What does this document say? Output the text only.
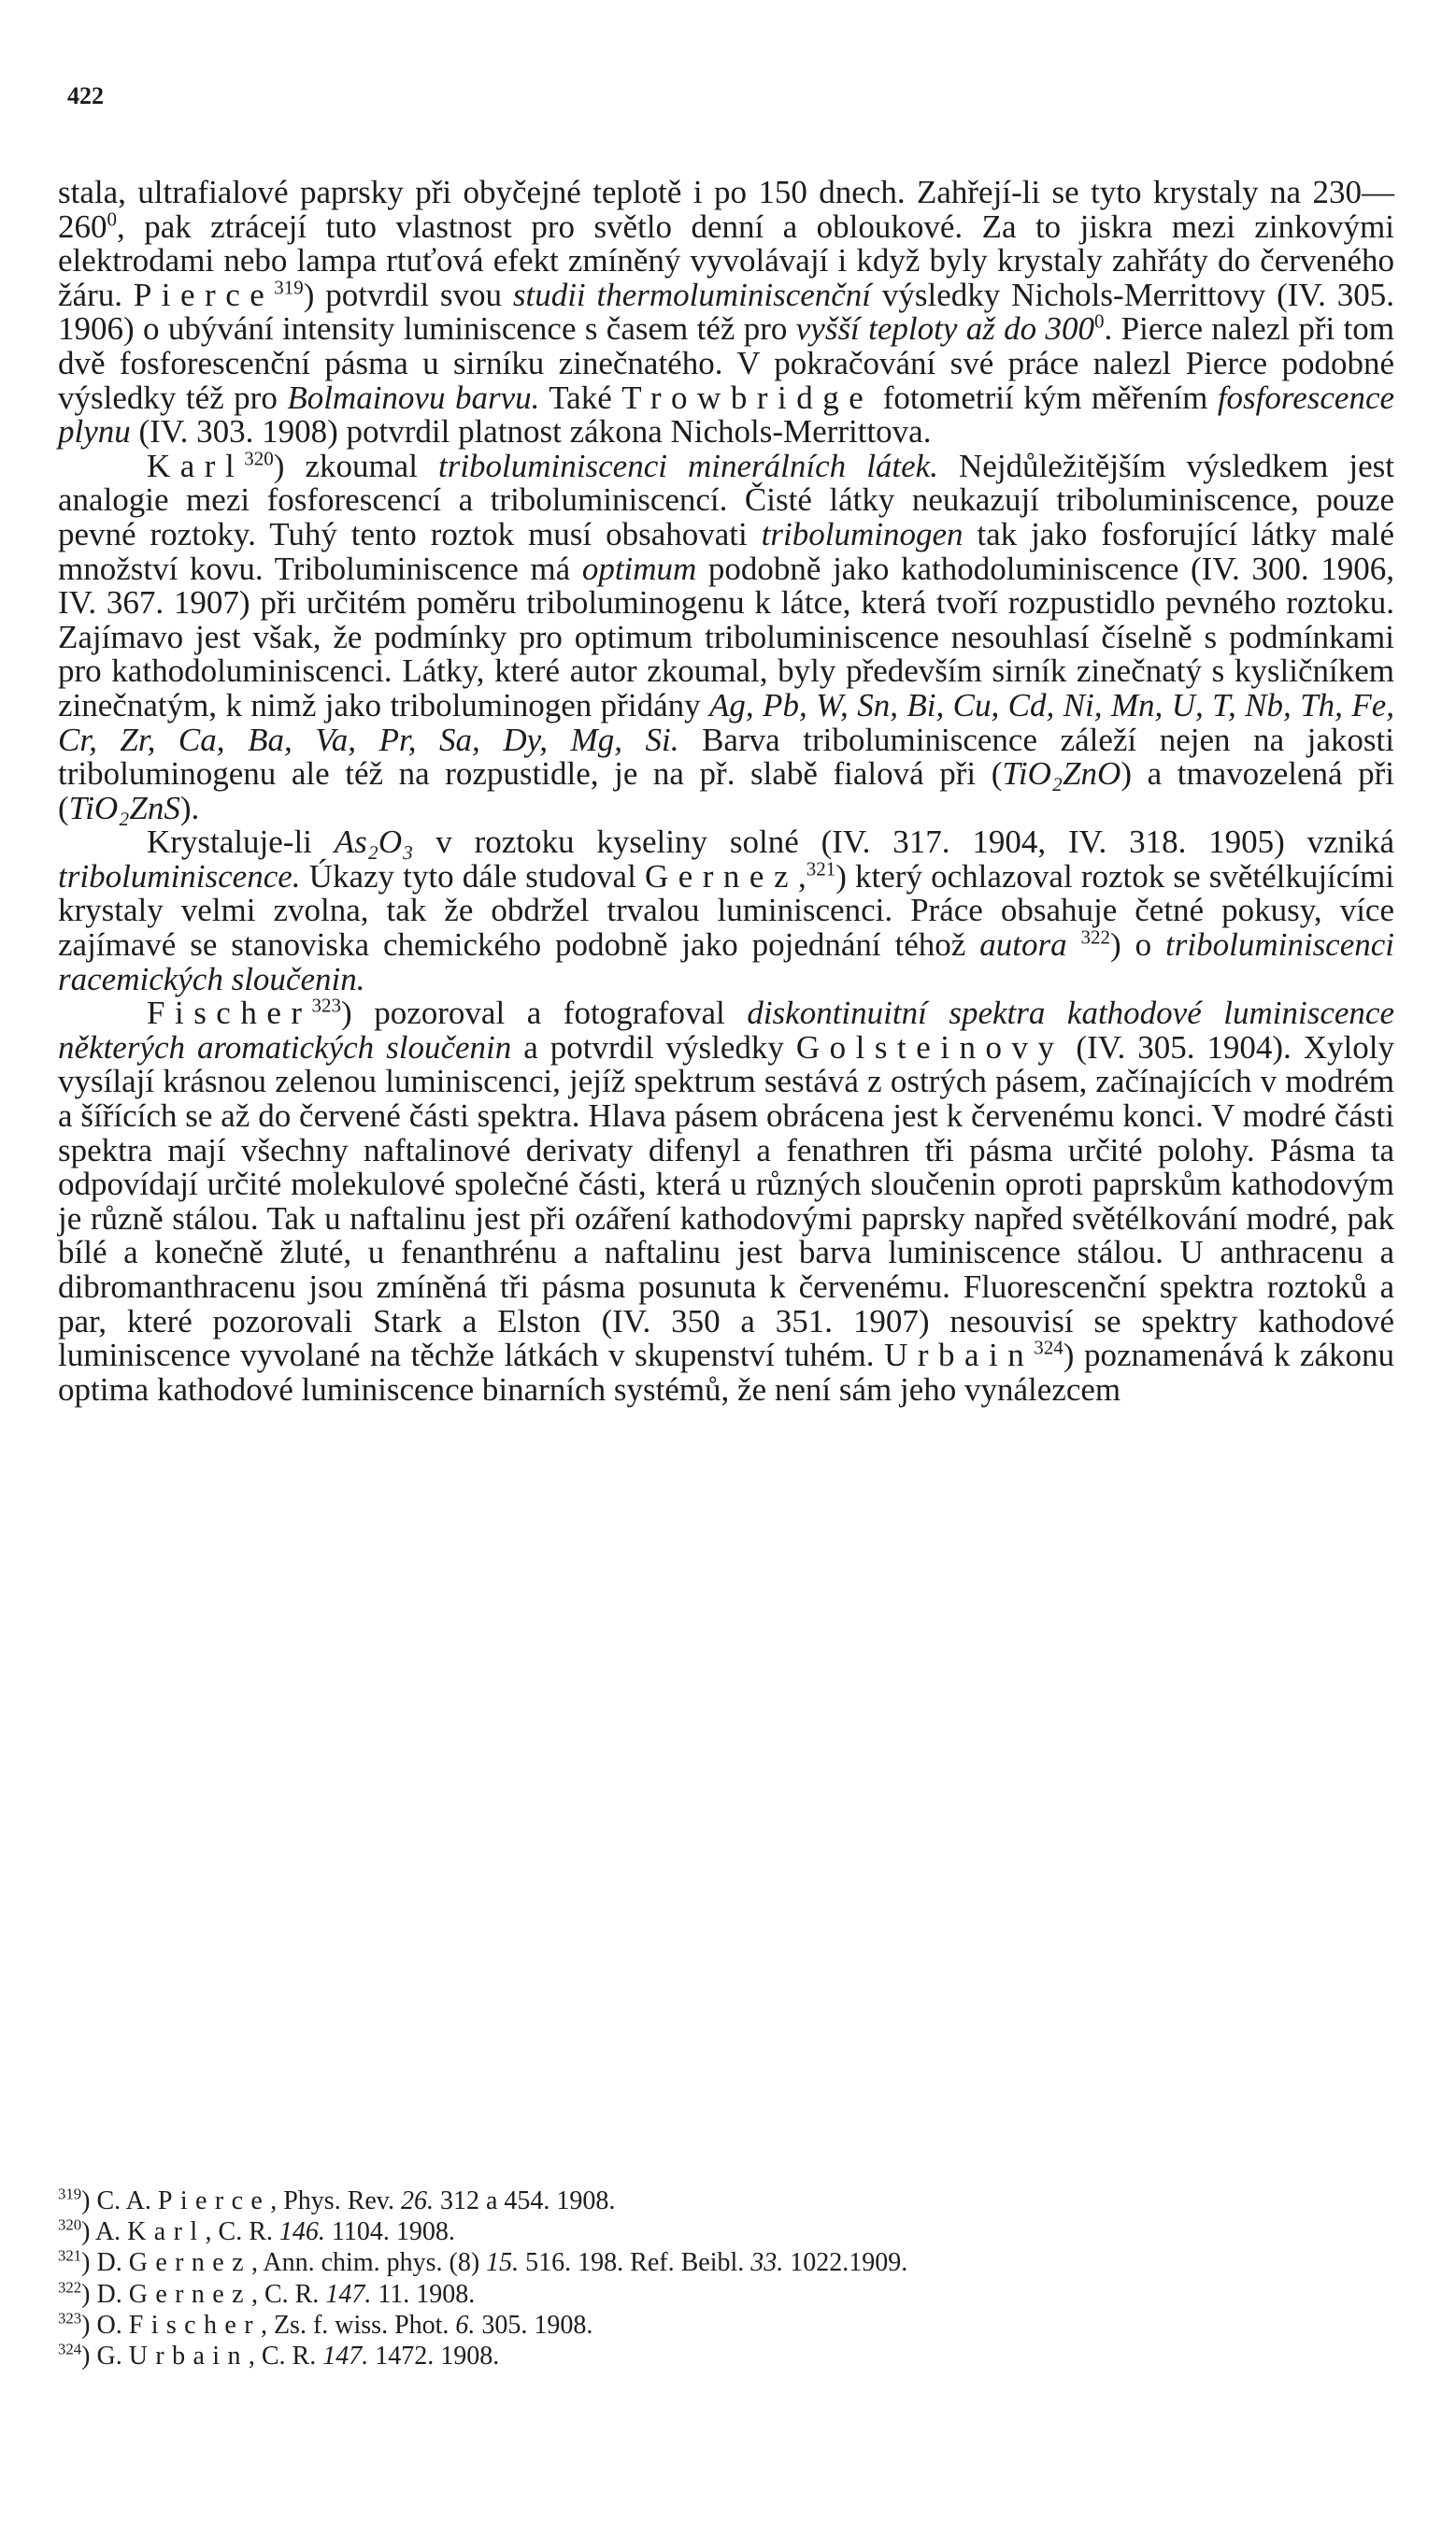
422

stala, ultrafialové paprsky při obyčejné teplotě i po 150 dnech. Zahřejí-li se tyto krystaly na $230—260^0$, pak ztrácejí tuto vlastnost pro světlo denní a obloukové. Za to jiskra mezi zinkovými elektrodami nebo lampa rtuťová efekt zmíněný vyvolávají i když byly krystaly zahřáty do červeného žáru. Pierce$^{319}$) potvrdil svou studii thermoluminiscenční výsledky Nichols-Merrittovy (IV. 305. 1906) o ubývání intensity luminiscence s časem též pro vyšší teploty až do $300^0$. Pierce nalezl při tom dvě fosforescenční pásma u sirníku zinečnatého. V pokračování své práce nalezl Pierce podobné výsledky též pro Bolmainovu barvu. Také Trowbridge fotometrií kým měřením fosforescence plynu (IV. 303. 1908) potvrdil platnost zákona Nichols-Merrittova.

Karl$^{320}$) zkoumal triboluminiscenci minerálních látek. Nejdůležitějším výsledkem jest analogie mezi fosforescencí a triboluminiscencí. Čisté látky neukazují triboluminiscence, pouze pevné roztoky. Tuhý tento roztok musí obsahovati triboluminogen tak jako fosforující látky malé množství kovu. Triboluminiscence má optimum podobně jako kathodoluminiscence (IV. 300. 1906, IV. 367. 1907) při určitém poměru triboluminogenu k látce, která tvoří rozpustidlo pevného roztoku. Zajímavo jest však, že podmínky pro optimum triboluminiscence nesouhlasí číselně s podmínkami pro kathodoluminiscenci. Látky, které autor zkoumal, byly především sirník zinečnatý s kysličníkem zinečnatým, k nimž jako triboluminogen přidány Ag, Pb, W, Sn, Bi, Cu, Cd, Ni, Mn, U, T, Nb, Th, Fe, Cr, Zr, Ca, Ba, Va, Pr, Sa, Dy, Mg, Si. Barva triboluminiscence záleží nejen na jakosti triboluminogenu ale též na rozpustidle, je na př. slabě fialová při (TiO₂ZnO) a tmavozelená při (TiO₂ZnS).

Krystaluje-li As₂O₃ v roztoku kyseliny solné (IV. 317. 1904, IV. 318. 1905) vzniká triboluminiscence. Úkazy tyto dále studoval Gernez,$^{321}$) který ochlazoval roztok se světélkujícími krystaly velmi zvolna, tak že obdržel trvalou luminiscenci. Práce obsahuje četné pokusy, více zajímavé se stanoviska chemického podobně jako pojednání téhož autora $^{322}$) o triboluminiscenci racemických sloučenin.

Fischer$^{323}$) pozoroval a fotografoval diskontinuitní spektra kathodové luminiscence některých aromatických sloučenin a potvrdil výsledky Golsteinovy (IV. 305. 1904). Xyloly vysílají krásnou zelenou luminiscenci, jejíž spektrum sestává z ostrých pásem, začínajících v modrém a šířících se až do červené části spektra. Hlava pásem obrácena jest k červenému konci. V modré části spektra mají všechny naftalinové derivaty difenyl a fenathren tři pásma určité polohy. Pásma ta odpovídají určité molekulové společné části, která u různých sloučenin oproti paprskům kathodovým je různě stálou. Tak u naftalinu jest při ozáření kathodovými paprsky napřed světélkování modré, pak bílé a konečně žluté, u fenanthrénu a naftalinu jest barva luminiscence stálou. U anthracenu a dibromanthracenu jsou zmíněná tři pásma posunuta k červenému. Fluorescenční spektra roztoků a par, které pozorovali Stark a Elston (IV. 350 a 351. 1907) nesouvisí se spektry kathodové luminiscence vyvolané na těchže látkách v skupenství tuhém. Urbain$^{324}$) poznamenává k zákonu optima kathodové luminiscence binarních systémů, že není sám jeho vynálezcem

$^{319}$) C. A. Pierce, Phys. Rev. 26. 312 a 454. 1908.

$^{320}$) A. Karl, C. R. 146. 1104. 1908.

$^{321}$) D. Gernez, Ann. chim. phys. (8) 15. 516. 198. Ref. Beibl. 33. 1022.1909.

$^{322}$) D. Gernez, C. R. 147. 11. 1908.

$^{323}$) O. Fischer, Zs. f. wiss. Phot. 6. 305. 1908.

$^{324}$) G. Urbain, C. R. 147. 1472. 1908.
